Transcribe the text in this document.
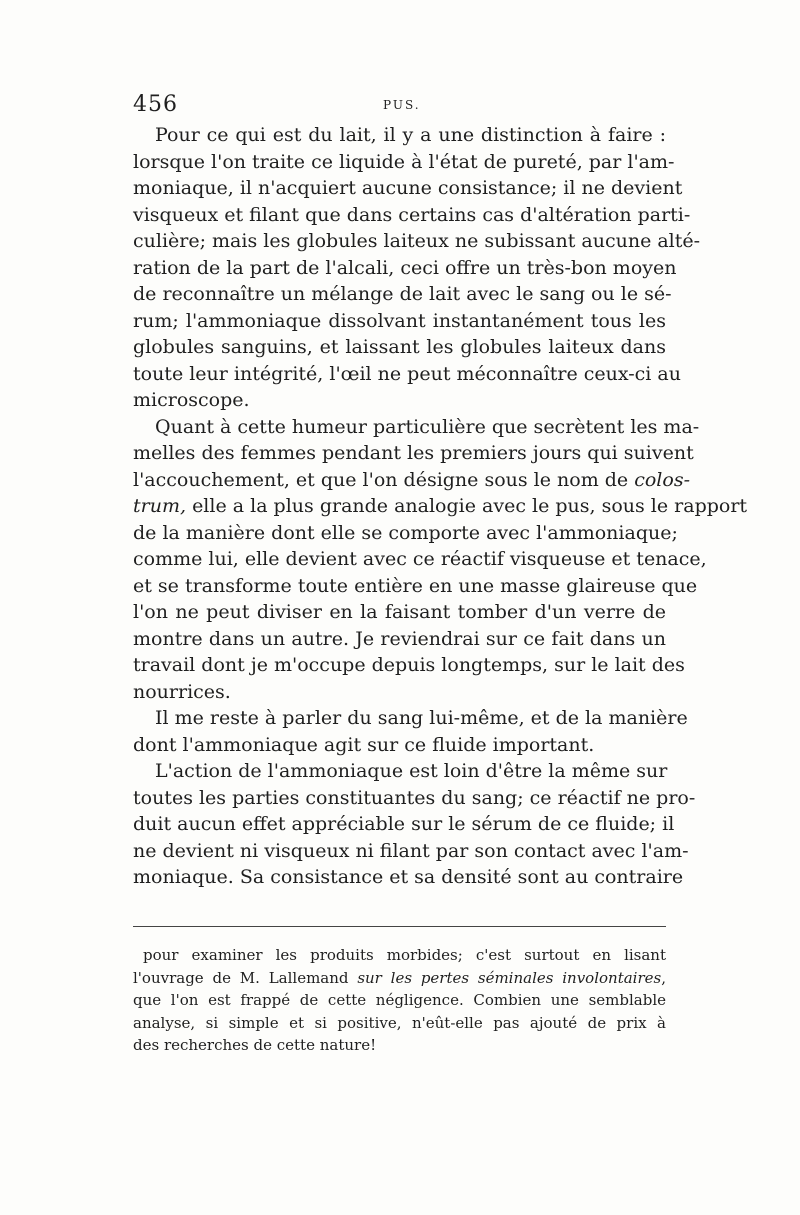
456	PUS.
Pour ce qui est du lait, il y a une distinction à faire :
lorsque l'on traite ce liquide à l'état de pureté, par l'am-
moniaque, il n'acquiert aucune consistance; il ne devient
visqueux et filant que dans certains cas d'altération parti-
culière; mais les globules laiteux ne subissant aucune alté-
ration de la part de l'alcali, ceci offre un très-bon moyen
de reconnaître un mélange de lait avec le sang ou le sé-
rum; l'ammoniaque dissolvant instantanément tous les
globules sanguins, et laissant les globules laiteux dans
toute leur intégrité, l'œil ne peut méconnaître ceux-ci au
microscope.
Quant à cette humeur particulière que secrètent les ma-
melles des femmes pendant les premiers jours qui suivent
l'accouchement, et que l'on désigne sous le nom de colos-
trum, elle a la plus grande analogie avec le pus, sous le rapport
de la manière dont elle se comporte avec l'ammoniaque;
comme lui, elle devient avec ce réactif visqueuse et tenace,
et se transforme toute entière en une masse glaireuse que
l'on ne peut diviser en la faisant tomber d'un verre de
montre dans un autre. Je reviendrai sur ce fait dans un
travail dont je m'occupe depuis longtemps, sur le lait des
nourrices.
Il me reste à parler du sang lui-même, et de la manière
dont l'ammoniaque agit sur ce fluide important.
L'action de l'ammoniaque est loin d'être la même sur
toutes les parties constituantes du sang; ce réactif ne pro-
duit aucun effet appréciable sur le sérum de ce fluide; il
ne devient ni visqueux ni filant par son contact avec l'am-
moniaque. Sa consistance et sa densité sont au contraire
pour examiner les produits morbides; c'est surtout en lisant
l'ouvrage de M. Lallemand sur les pertes séminales involontaires,
que l'on est frappé de cette négligence. Combien une semblable
analyse, si simple et si positive, n'eût-elle pas ajouté de prix à
des recherches de cette nature!
